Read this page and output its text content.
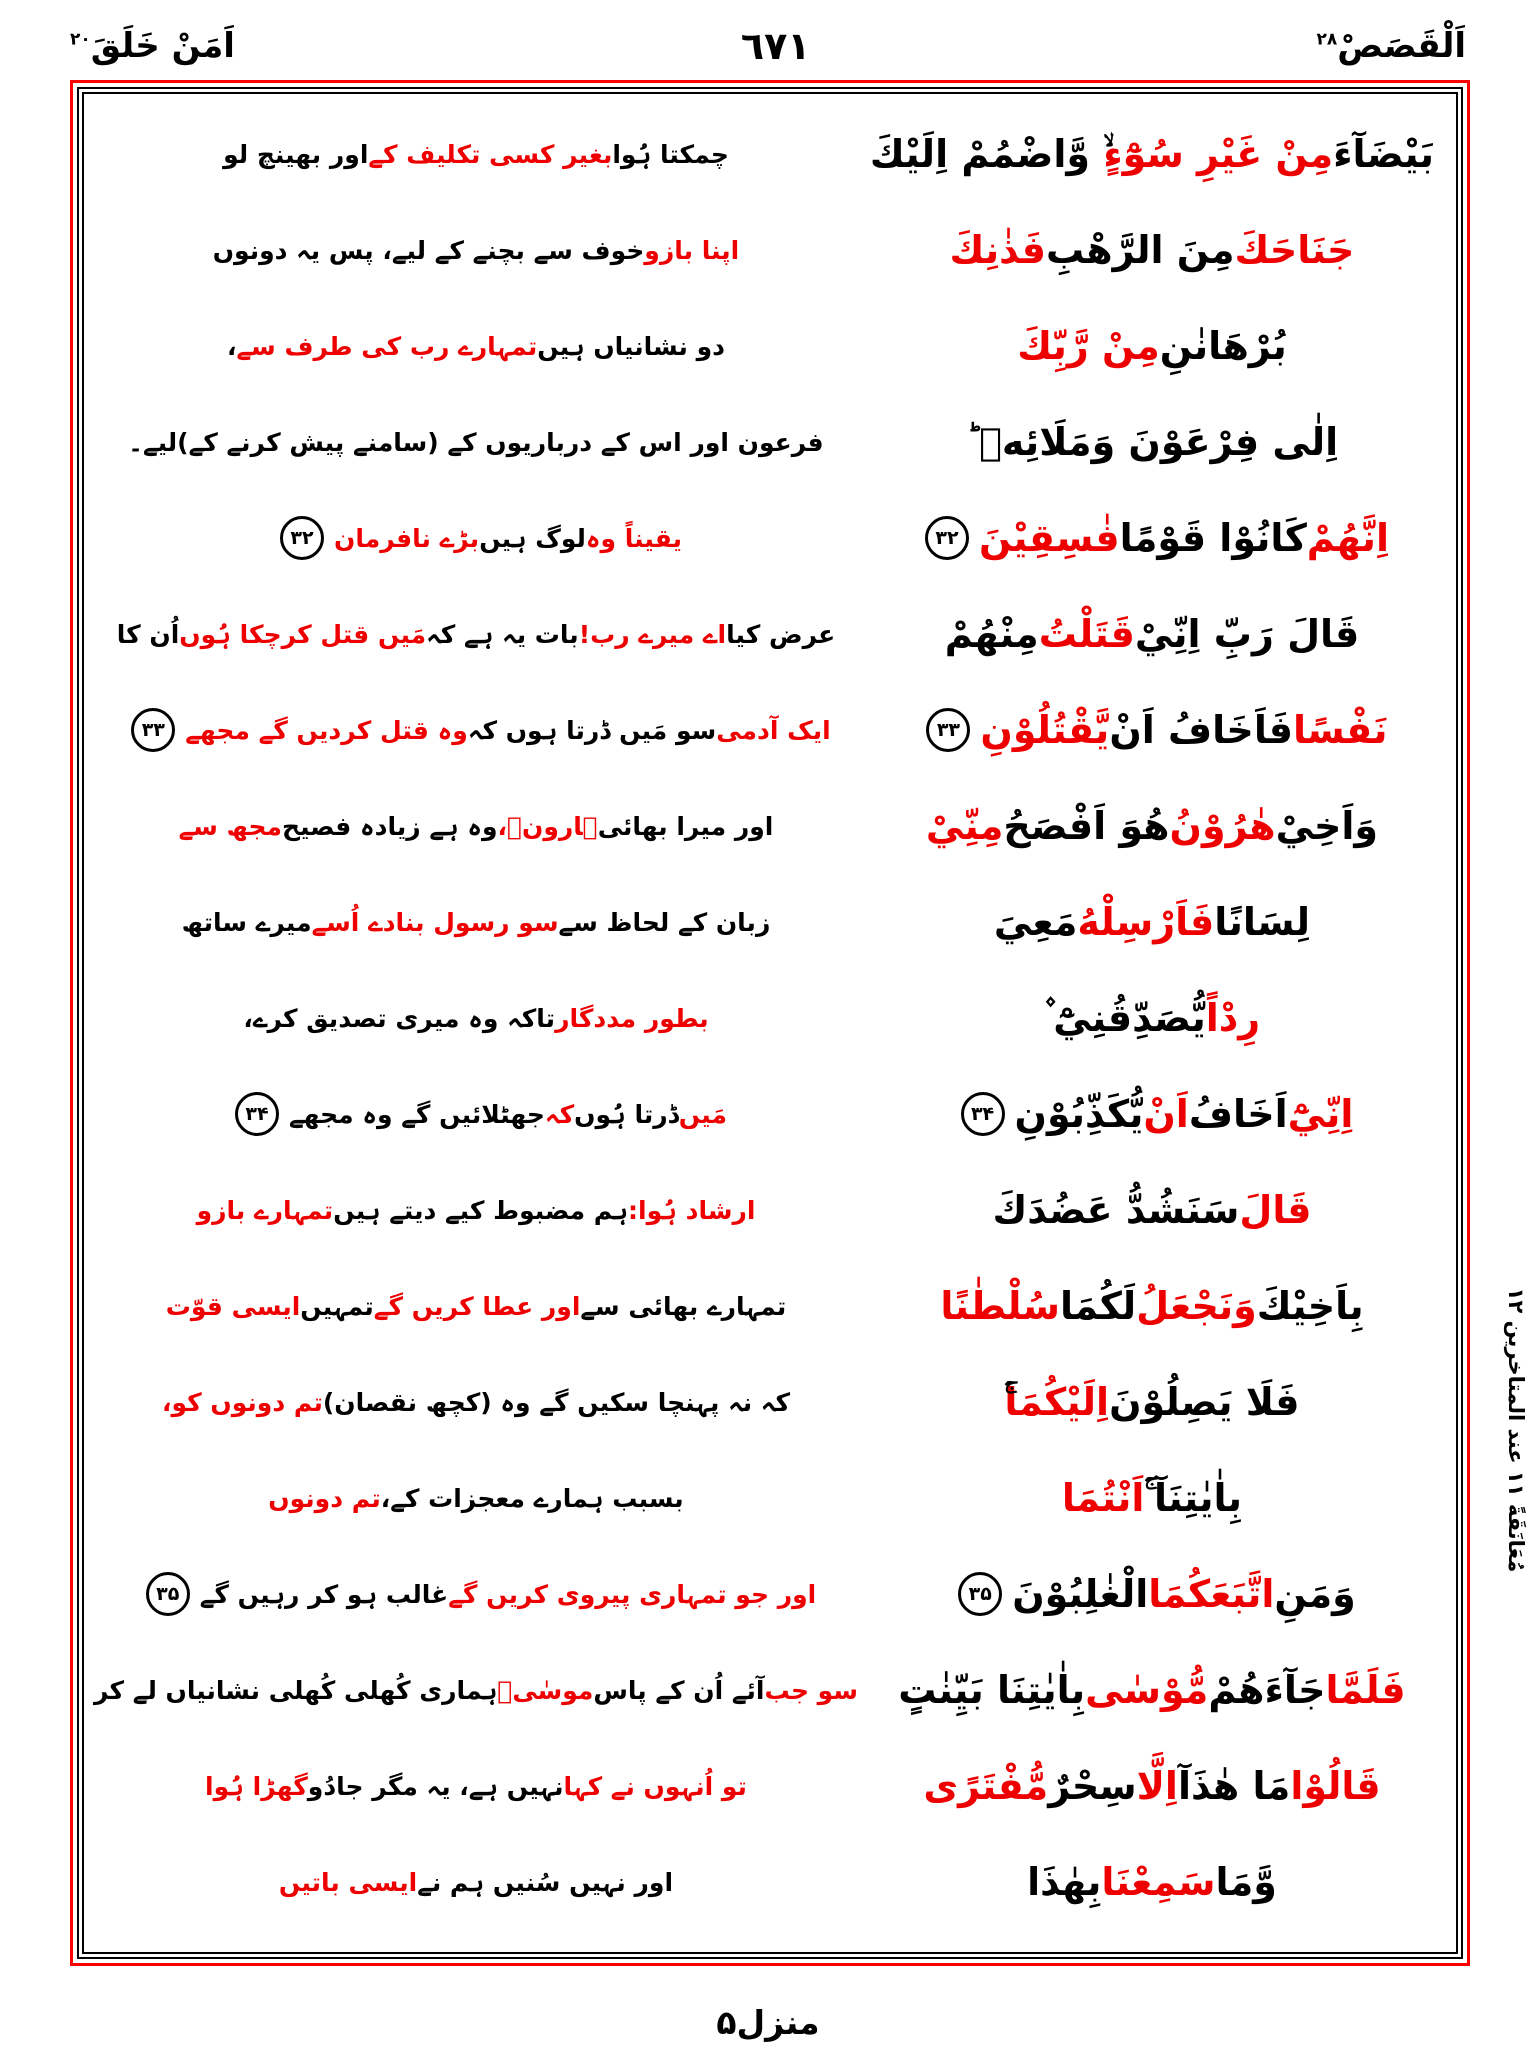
اَمَنْ خَلَقَ$^{۲۰}$	٦٧١	اَلْقَصَصْ$^{۲۸}$
چمکتا ہُوا
بغیر کسی تکلیف کے
اور بھینچ لو
اپنا بازو
خوف سے بچنے کے لیے، پس یہ دونوں
دو نشانیاں ہیں
تمہارے رب کی طرف سے
،
فرعون اور اس کے درباریوں کے (سامنے پیش کرنے کے)لیے۔
یقیناً وہ
لوگ ہیں
بڑے نافرمان
۳۲
عرض کیا
اے میرے رب!
بات یہ ہے کہ
مَیں قتل کرچکا ہُوں
اُن کا
ایک آدمی
سو مَیں ڈرتا ہوں کہ
وہ قتل کردیں گے مجھے
۳۳
اور میرا بھائی
ہارونؑ،
وہ ہے زیادہ فصیح
مجھ سے
زبان کے لحاظ سے
سو رسول بنادے اُسے
میرے ساتھ
بطور مددگار
تاکہ وہ میری تصدیق کرے،
مَیں
ڈرتا ہُوں
کہ
جھٹلائیں گے وہ مجھے
۳۴
ارشاد ہُوا:
ہم مضبوط کیے دیتے ہیں
تمہارے بازو
تمہارے بھائی سے
اور عطا کریں گے
تمہیں
ایسی قوّت
کہ نہ پہنچا سکیں گے وہ (کچھ نقصان)
تم دونوں کو،
بسبب ہمارے معجزات کے،
تم دونوں
اور جو تمہاری پیروی کریں گے
غالب ہو کر رہیں گے
۳۵
سو جب
آئے اُن کے پاس
موسٰیؑ
ہماری کُھلی کُھلی نشانیاں لے کر
تو اُنہوں نے کہا
نہیں ہے، یہ مگر جادُو
گھڑا ہُوا
اور نہیں سُنیں ہم نے
ایسی باتیں
بَيْضَآءَ
مِنْ غَيْرِ سُوْٓءٍ
ۙ وَّاضْمُمْ اِلَيْكَ
جَنَاحَكَ
مِنَ الرَّهْبِ
فَذٰنِكَ
بُرْهَانٰنِ
مِنْ رَّبِّكَ
اِلٰى فِرْعَوْنَ وَمَلَائِهٖ ؕ
اِنَّهُمْ
كَانُوْا قَوْمًا
فٰسِقِيْنَ
۳۲
قَالَ رَبِّ اِنِّيْ
قَتَلْتُ
مِنْهُمْ
نَفْسًا
فَاَخَافُ اَنْ
يَّقْتُلُوْنِ
۳۳
وَاَخِيْ
هٰرُوْنُ
هُوَ اَفْصَحُ
مِنِّيْ
لِسَانًا
فَاَرْسِلْهُ
مَعِيَ
رِدْاً
يُّصَدِّقُنِيْٓ ۫
اِنِّيْٓ
اَخَافُ
اَنْ
يُّكَذِّبُوْنِ
۳۴
قَالَ
سَنَشُدُّ عَضُدَكَ
بِاَخِيْكَ
وَنَجْعَلُ
لَكُمَا
سُلْطٰنًا
فَلَا يَصِلُوْنَ
اِلَيْكُمَا
بِاٰيٰتِنَآ ۚۛ
اَنْتُمَا
وَمَنِ
اتَّبَعَكُمَا
الْغٰلِبُوْنَ
۳۵
فَلَمَّا
جَآءَهُمْ
مُّوْسٰى
بِاٰيٰتِنَا بَيِّنٰتٍ
قَالُوْا
مَا هٰذَآ
اِلَّا
سِحْرٌ
مُّفْتَرًى
وَّمَا
سَمِعْنَا
بِهٰذَا
مُعَانَقَةً ۱۱ عند المتاخرین ۱۲
منزل۵
